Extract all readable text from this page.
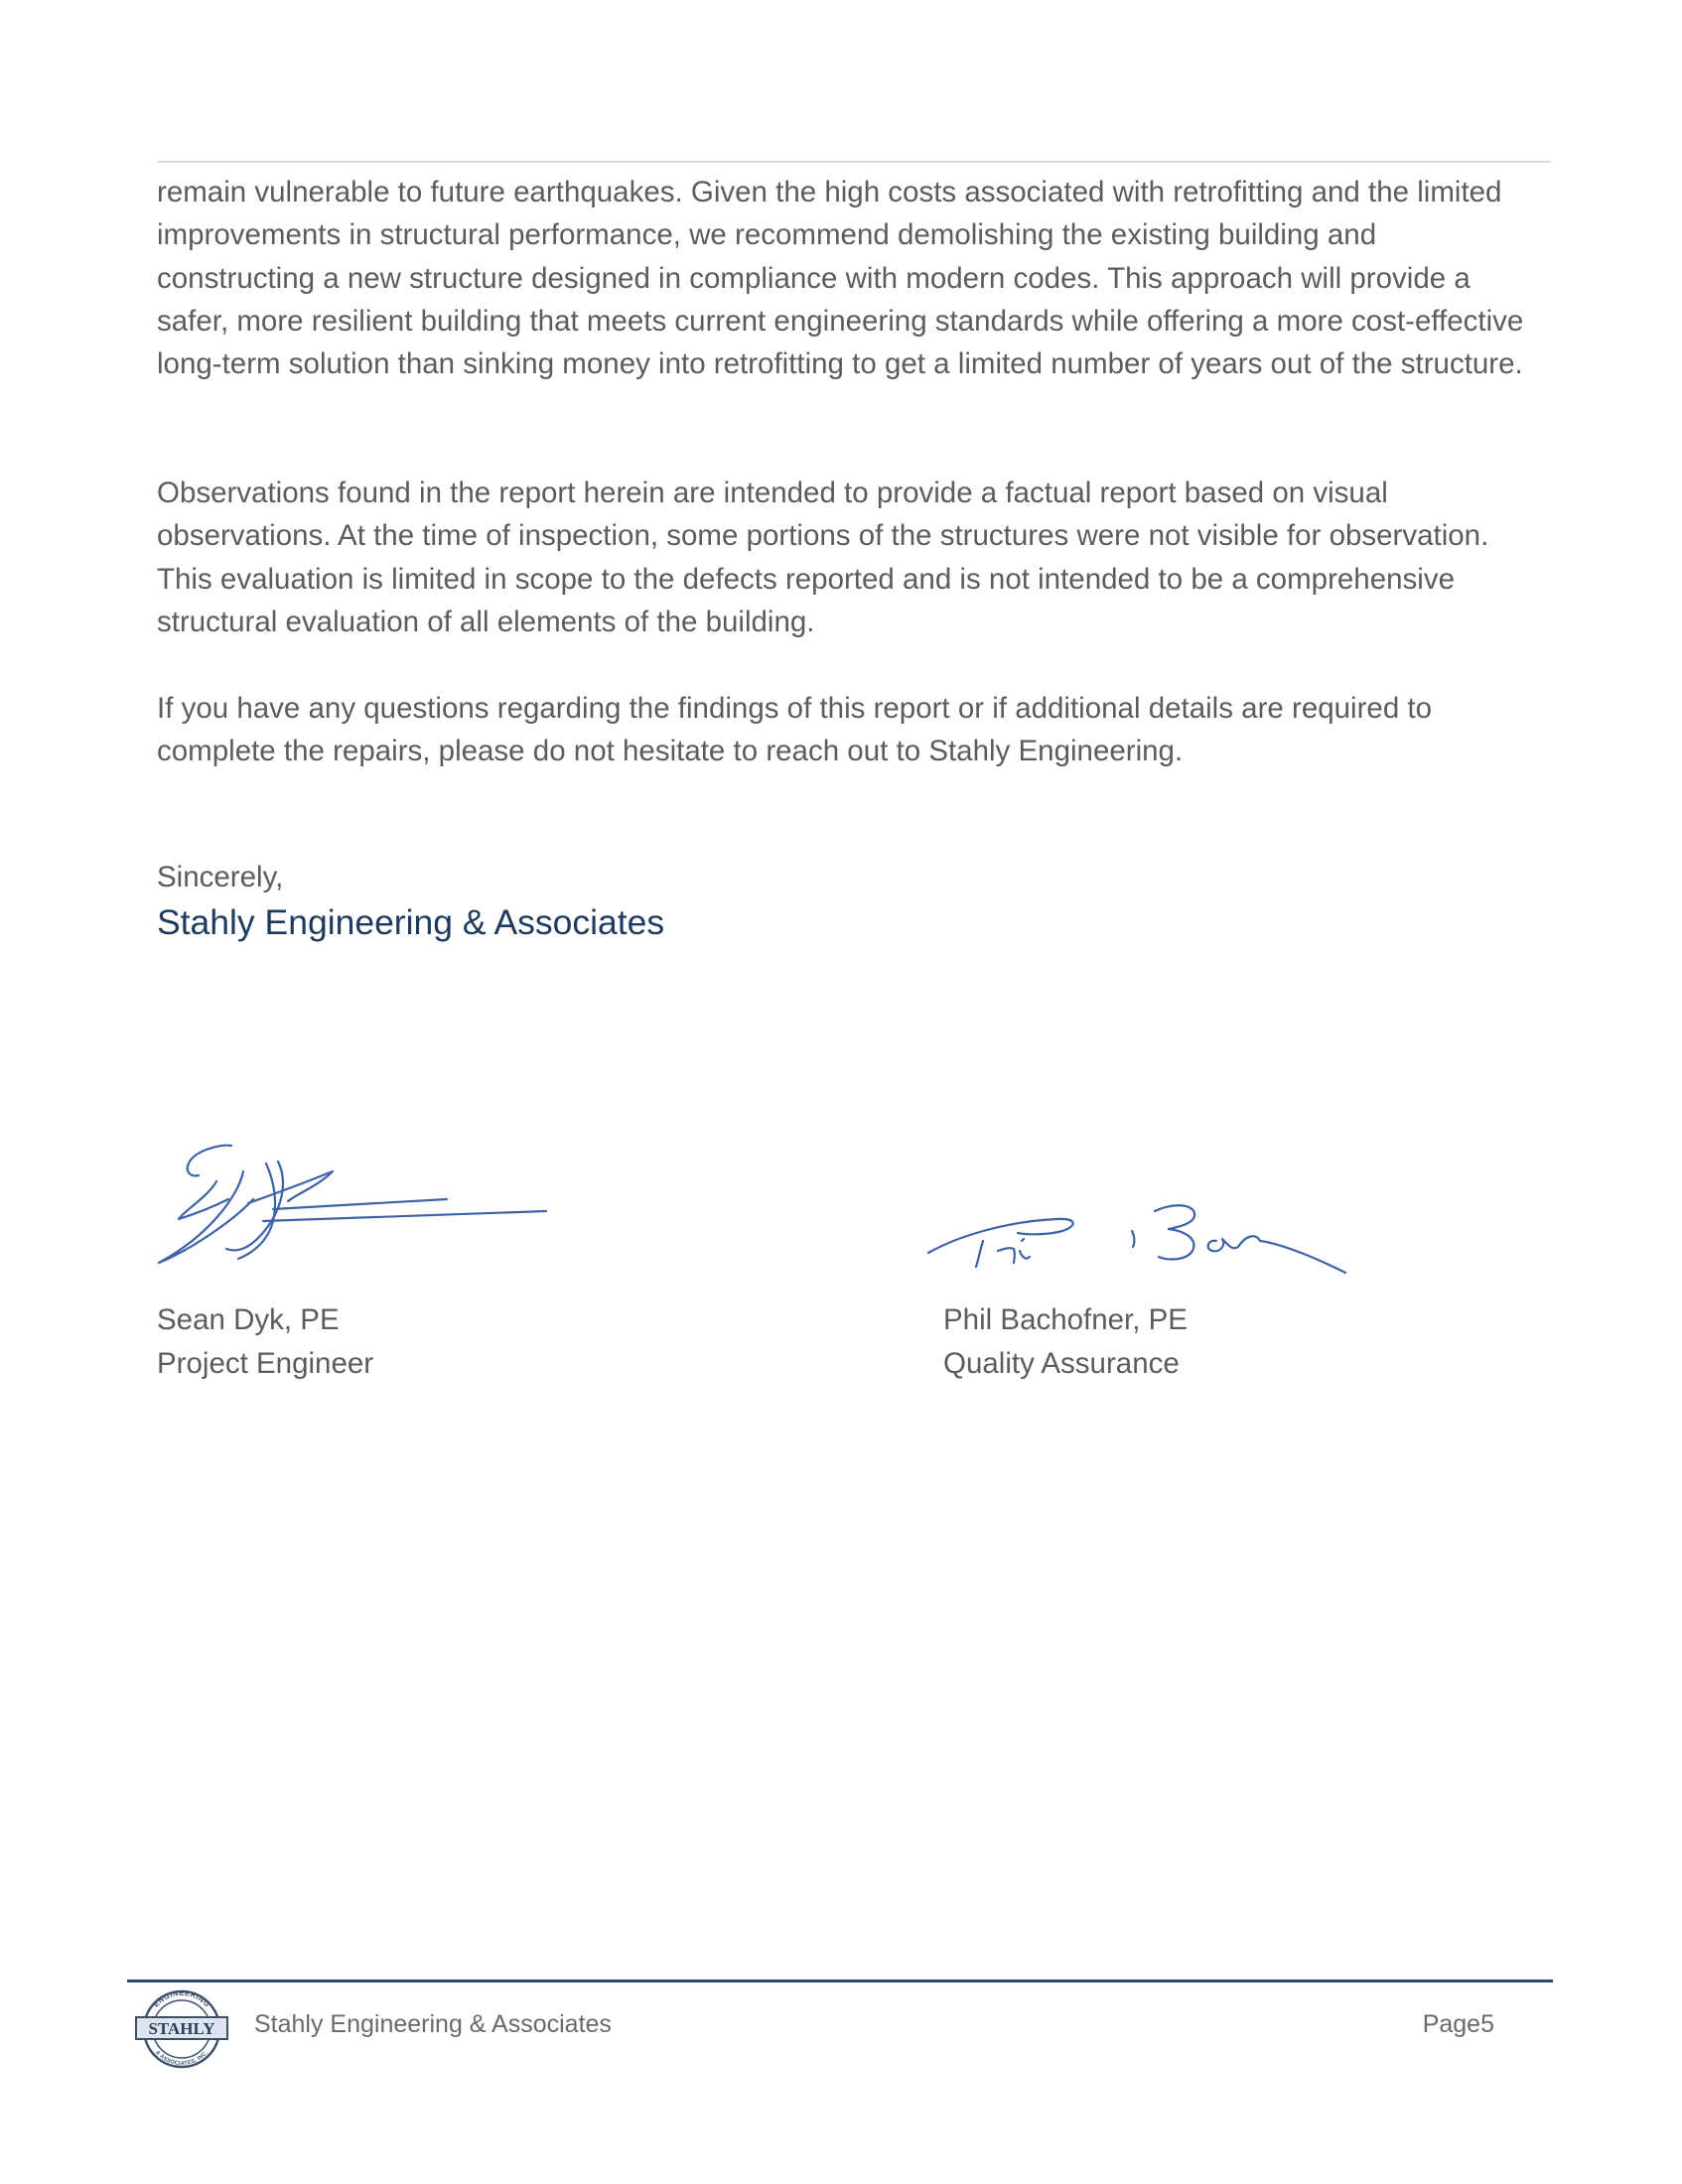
remain vulnerable to future earthquakes. Given the high costs associated with retrofitting and the limited improvements in structural performance, we recommend demolishing the existing building and constructing a new structure designed in compliance with modern codes. This approach will provide a safer, more resilient building that meets current engineering standards while offering a more cost-effective long-term solution than sinking money into retrofitting to get a limited number of years out of the structure.

Observations found in the report herein are intended to provide a factual report based on visual observations. At the time of inspection, some portions of the structures were not visible for observation. This evaluation is limited in scope to the defects reported and is not intended to be a comprehensive structural evaluation of all elements of the building.

If you have any questions regarding the findings of this report or if additional details are required to complete the repairs, please do not hesitate to reach out to Stahly Engineering.

Sincerely,
Stahly Engineering & Associates
Sean Dyk, PE
Project Engineer
Phil Bachofner, PE
Quality Assurance
ENGINEERING
& ASSOCIATES, INC.
STAHLY Stahly Engineering & Associates	Page5
